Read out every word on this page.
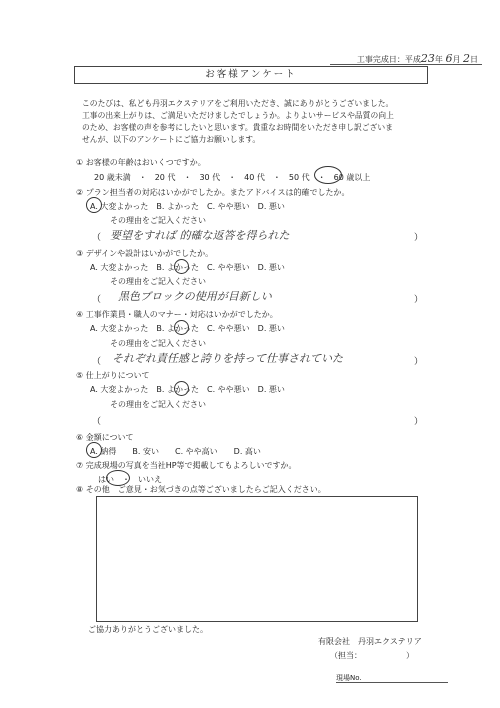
工事完成日：平成23年 6月 2日
お客様アンケート
このたびは、私ども丹羽エクステリアをご利用いただき、誠にありがとうございました。
工事の出来上がりは、ご満足いただけましたでしょうか。よりよいサービスや品質の向上
のため、お客様の声を参考にしたいと思います。貴重なお時間をいただき申し訳ございま
せんが、以下のアンケートにご協力お願いします。
① お客様の年齢はおいくつですか。
20 歳未満　・　20 代　・　30 代　・　40 代　・　50 代　・　60 歳以上
② プラン担当者の対応はいかがでしたか。またアドバイスは的確でしたか。
A. 大変よかった　B. よかった　C. やや悪い　D. 悪い
その理由をご記入ください
（ 要望をすれば 的確な返答を得られた	）
③ デザインや設計はいかがでしたか。
A. 大変よかった　B. よかった　C. やや悪い　D. 悪い
その理由をご記入ください
（ 黒色ブロックの使用が目新しい	）
④ 工事作業員・職人のマナー・対応はいかがでしたか。
A. 大変よかった　B. よかった　C. やや悪い　D. 悪い
その理由をご記入ください
（ それぞれ責任感と誇りを持って仕事されていた	）
⑤ 仕上がりについて
A. 大変よかった　B. よかった　C. やや悪い　D. 悪い
その理由をご記入ください
（	）
⑥ 金額について
A. 納得　　B. 安い　　C. やや高い　　D. 高い
⑦ 完成現場の写真を当社HP等で掲載してもよろしいですか。
はい　・　いいえ
⑧ その他　ご意見・お気づきの点等ございましたらご記入ください。
ご協力ありがとうございました。
有限会社　丹羽エクステリア
（担当：　　　　　　）
現場No.
